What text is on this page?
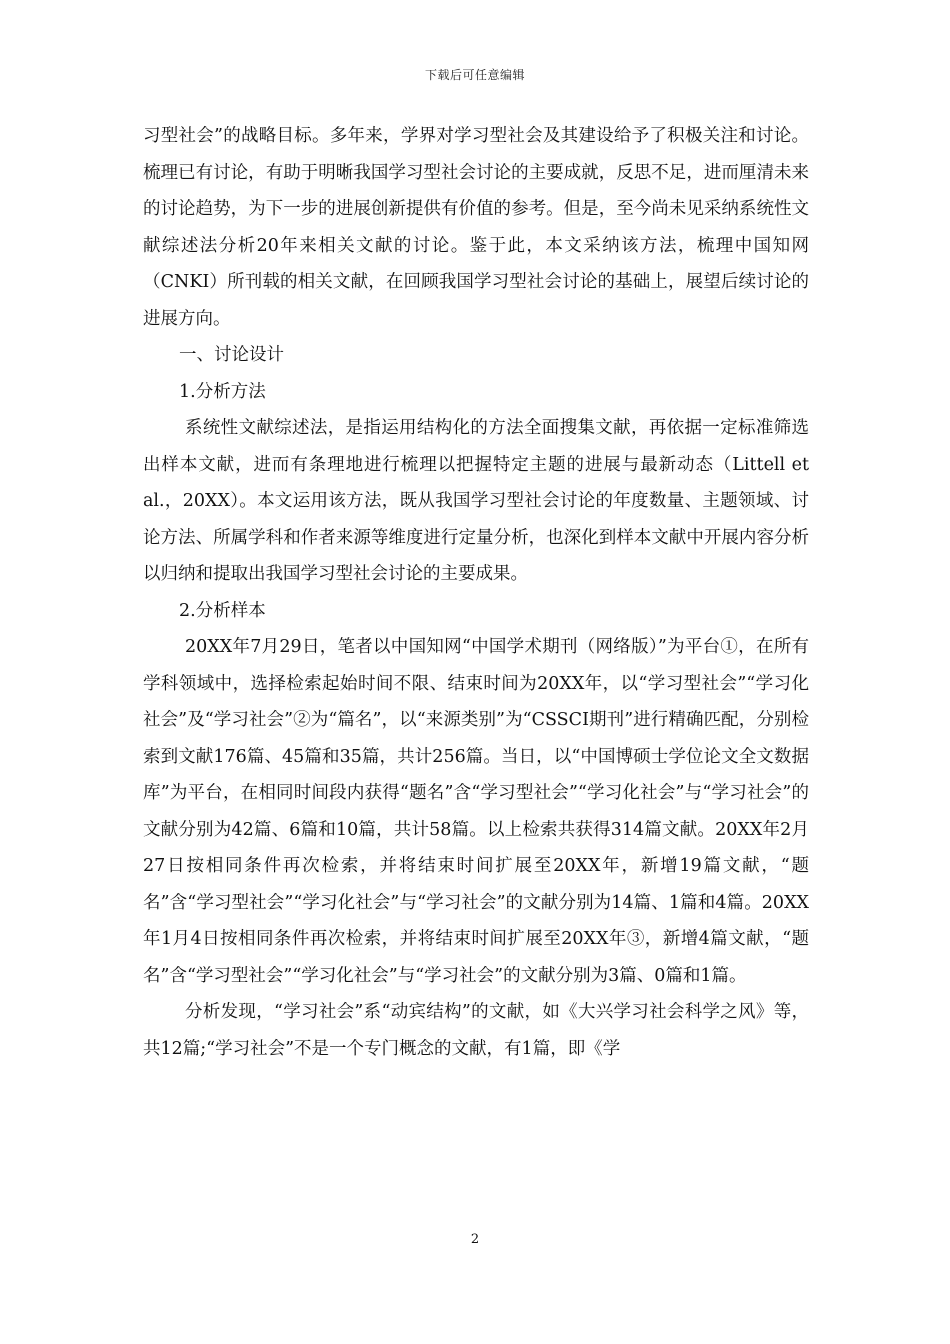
下载后可任意编辑

习型社会”的战略目标。多年来，学界对学习型社会及其建设给予了积极关注和讨论。梳理已有讨论，有助于明晰我国学习型社会讨论的主要成就，反思不足，进而厘清未来的讨论趋势，为下一步的进展创新提供有价值的参考。但是，至今尚未见采纳系统性文献综述法分析20年来相关文献的讨论。鉴于此，本文采纳该方法，梳理中国知网（CNKI）所刊载的相关文献，在回顾我国学习型社会讨论的基础上，展望后续讨论的进展方向。

一、讨论设计

1.分析方法

系统性文献综述法，是指运用结构化的方法全面搜集文献，再依据一定标准筛选出样本文献，进而有条理地进行梳理以把握特定主题的进展与最新动态（Littell et al.，20XX）。本文运用该方法，既从我国学习型社会讨论的年度数量、主题领域、讨论方法、所属学科和作者来源等维度进行定量分析，也深化到样本文献中开展内容分析以归纳和提取出我国学习型社会讨论的主要成果。

2.分析样本

20XX年7月29日，笔者以中国知网“中国学术期刊（网络版）”为平台①，在所有学科领域中，选择检索起始时间不限、结束时间为20XX年，以“学习型社会”“学习化社会”及“学习社会”②为“篇名”，以“来源类别”为“CSSCI期刊”进行精确匹配，分别检索到文献176篇、45篇和35篇，共计256篇。当日，以“中国博硕士学位论文全文数据库”为平台，在相同时间段内获得“题名”含“学习型社会”“学习化社会”与“学习社会”的文献分别为42篇、6篇和10篇，共计58篇。以上检索共获得314篇文献。20XX年2月27日按相同条件再次检索，并将结束时间扩展至20XX年，新增19篇文献，“题名”含“学习型社会”“学习化社会”与“学习社会”的文献分别为14篇、1篇和4篇。20XX年1月4日按相同条件再次检索，并将结束时间扩展至20XX年③，新增4篇文献，“题名”含“学习型社会”“学习化社会”与“学习社会”的文献分别为3篇、0篇和1篇。

分析发现，“学习社会”系“动宾结构”的文献，如《大兴学习社会科学之风》等，共12篇;“学习社会”不是一个专门概念的文献，有1篇，即《学

2
